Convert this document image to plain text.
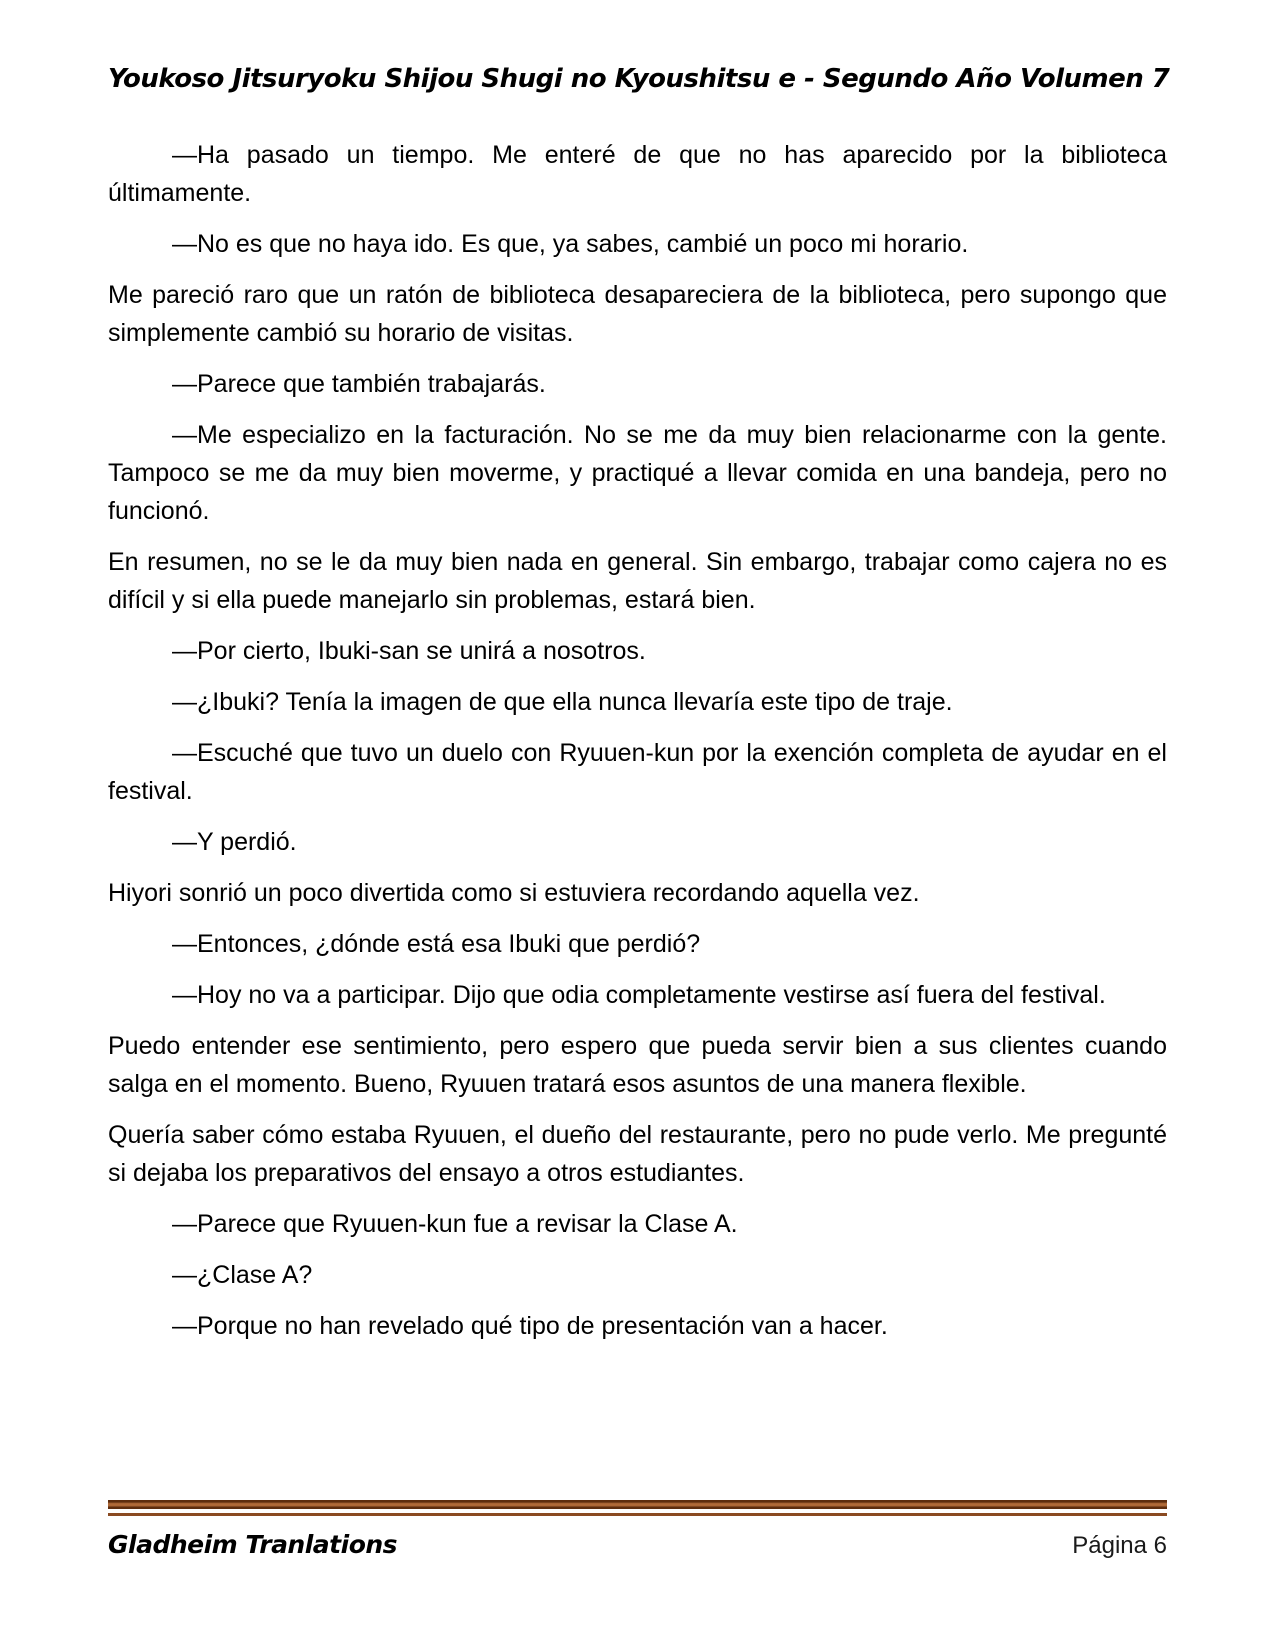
Youkoso Jitsuryoku Shijou Shugi no Kyoushitsu e - Segundo Año Volumen 7

—Ha pasado un tiempo. Me enteré de que no has aparecido por la biblioteca últimamente.

—No es que no haya ido. Es que, ya sabes, cambié un poco mi horario.

Me pareció raro que un ratón de biblioteca desapareciera de la biblioteca, pero supongo que simplemente cambió su horario de visitas.

—Parece que también trabajarás.

—Me especializo en la facturación. No se me da muy bien relacionarme con la gente. Tampoco se me da muy bien moverme, y practiqué a llevar comida en una bandeja, pero no funcionó.

En resumen, no se le da muy bien nada en general. Sin embargo, trabajar como cajera no es difícil y si ella puede manejarlo sin problemas, estará bien.

—Por cierto, Ibuki-san se unirá a nosotros.

—¿Ibuki? Tenía la imagen de que ella nunca llevaría este tipo de traje.

—Escuché que tuvo un duelo con Ryuuen-kun por la exención completa de ayudar en el festival.

—Y perdió.

Hiyori sonrió un poco divertida como si estuviera recordando aquella vez.

—Entonces, ¿dónde está esa Ibuki que perdió?

—Hoy no va a participar. Dijo que odia completamente vestirse así fuera del festival.

Puedo entender ese sentimiento, pero espero que pueda servir bien a sus clientes cuando salga en el momento. Bueno, Ryuuen tratará esos asuntos de una manera flexible.

Quería saber cómo estaba Ryuuen, el dueño del restaurante, pero no pude verlo. Me pregunté si dejaba los preparativos del ensayo a otros estudiantes.

—Parece que Ryuuen-kun fue a revisar la Clase A.

—¿Clase A?

—Porque no han revelado qué tipo de presentación van a hacer.

Gladheim Tranlations	Página 6
